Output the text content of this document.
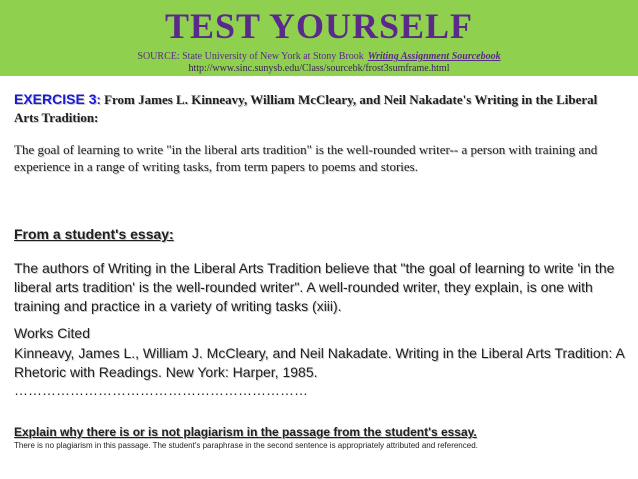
TEST YOURSELF
SOURCE: State University of New York at Stony Brook Writing Assignment Sourcebook
http://www.sinc.sunysb.edu/Class/sourcebk/frost3sumframe.html
EXERCISE 3: From James L. Kinneavy, William McCleary, and Neil Nakadate's Writing in the Liberal Arts Tradition:
The goal of learning to write "in the liberal arts tradition" is the well-rounded writer-- a person with training and experience in a range of writing tasks, from term papers to poems and stories.
From a student's essay:
The authors of Writing in the Liberal Arts Tradition believe that "the goal of learning to write 'in the liberal arts tradition' is the well-rounded writer". A well-rounded writer, they explain, is one with training and practice in a variety of writing tasks (xiii).
Works Cited
Kinneavy, James L., William J. McCleary, and Neil Nakadate. Writing in the Liberal Arts Tradition: A Rhetoric with Readings. New York: Harper, 1985.
………………………………………………………
Explain why there is or is not plagiarism in the passage from the student's essay.
There is no plagiarism in this passage. The student's paraphrase in the second sentence is appropriately attributed and referenced.
